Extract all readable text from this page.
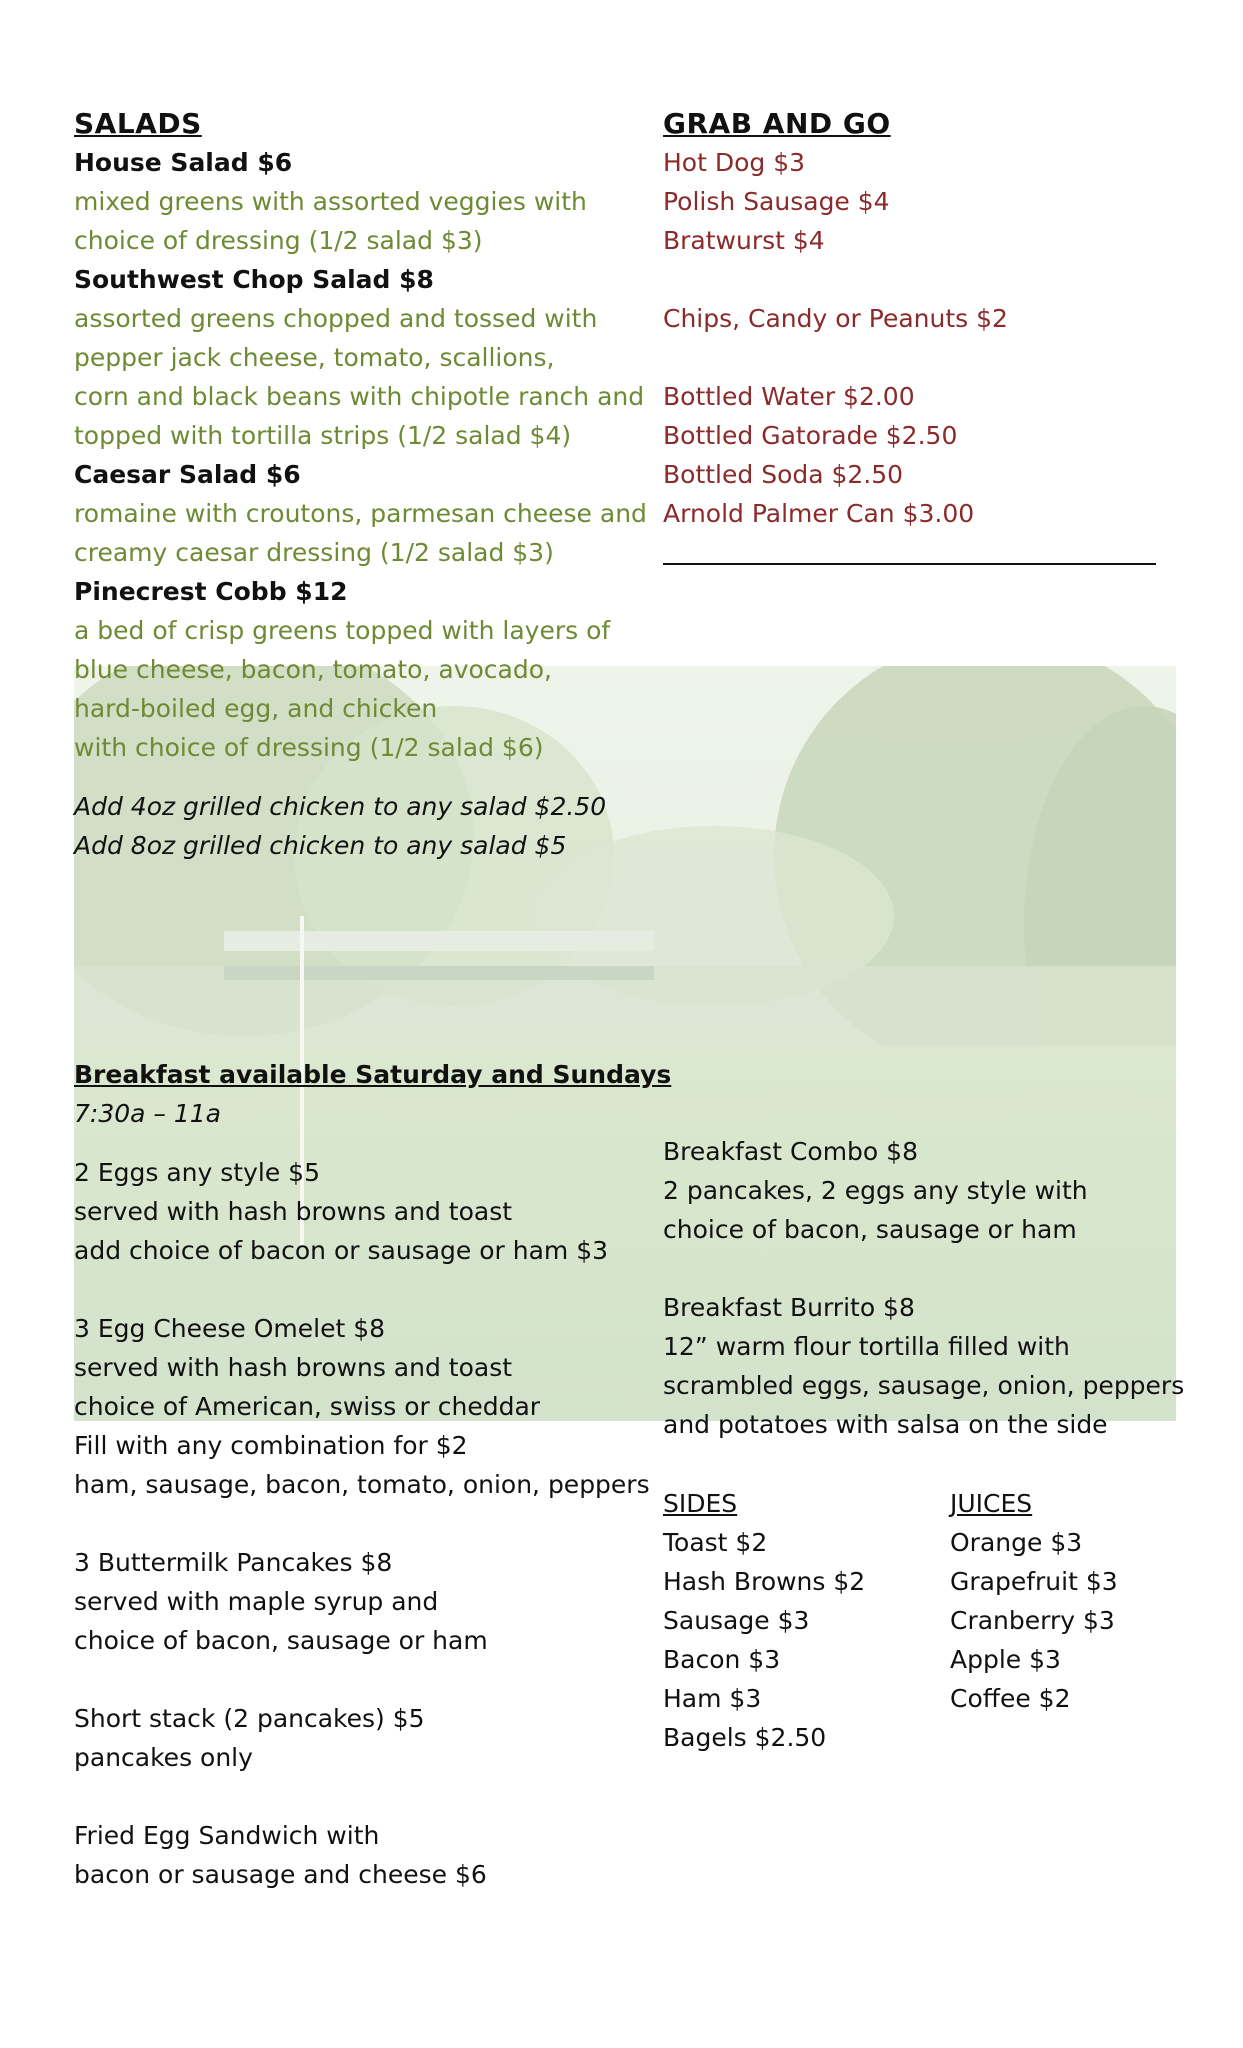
SALADS
House Salad $6
mixed greens with assorted veggies with
choice of dressing (1/2 salad $3)
Southwest Chop Salad $8
assorted greens chopped and tossed with
pepper jack cheese, tomato, scallions,
corn and black beans with chipotle ranch and
topped with tortilla strips (1/2 salad $4)
Caesar Salad $6
romaine with croutons, parmesan cheese and
creamy caesar dressing (1/2 salad $3)
Pinecrest Cobb $12
a bed of crisp greens topped with layers of
blue cheese, bacon, tomato, avocado,
hard-boiled egg, and chicken
with choice of dressing (1/2 salad $6)
Add 4oz grilled chicken to any salad $2.50
Add 8oz grilled chicken to any salad $5
GRAB AND GO
Hot Dog $3
Polish Sausage $4
Bratwurst $4
Chips, Candy or Peanuts $2
Bottled Water $2.00
Bottled Gatorade $2.50
Bottled Soda $2.50
Arnold Palmer Can $3.00
Breakfast available Saturday and Sundays
7:30a – 11a
2 Eggs any style $5
served with hash browns and toast
add choice of bacon or sausage or ham $3
3 Egg Cheese Omelet $8
served with hash browns and toast
choice of American, swiss or cheddar
Fill with any combination for $2
ham, sausage, bacon, tomato, onion, peppers
3 Buttermilk Pancakes $8
served with maple syrup and
choice of bacon, sausage or ham
Short stack (2 pancakes) $5
pancakes only
Fried Egg Sandwich with
bacon or sausage and cheese $6
Breakfast Combo $8
2 pancakes, 2 eggs any style with
choice of bacon, sausage or ham
Breakfast Burrito $8
12” warm flour tortilla filled with
scrambled eggs, sausage, onion, peppers
and potatoes with salsa on the side
SIDES
Toast $2
Hash Browns $2
Sausage $3
Bacon $3
Ham $3
Bagels $2.50
JUICES
Orange $3
Grapefruit $3
Cranberry $3
Apple $3
Coffee $2
